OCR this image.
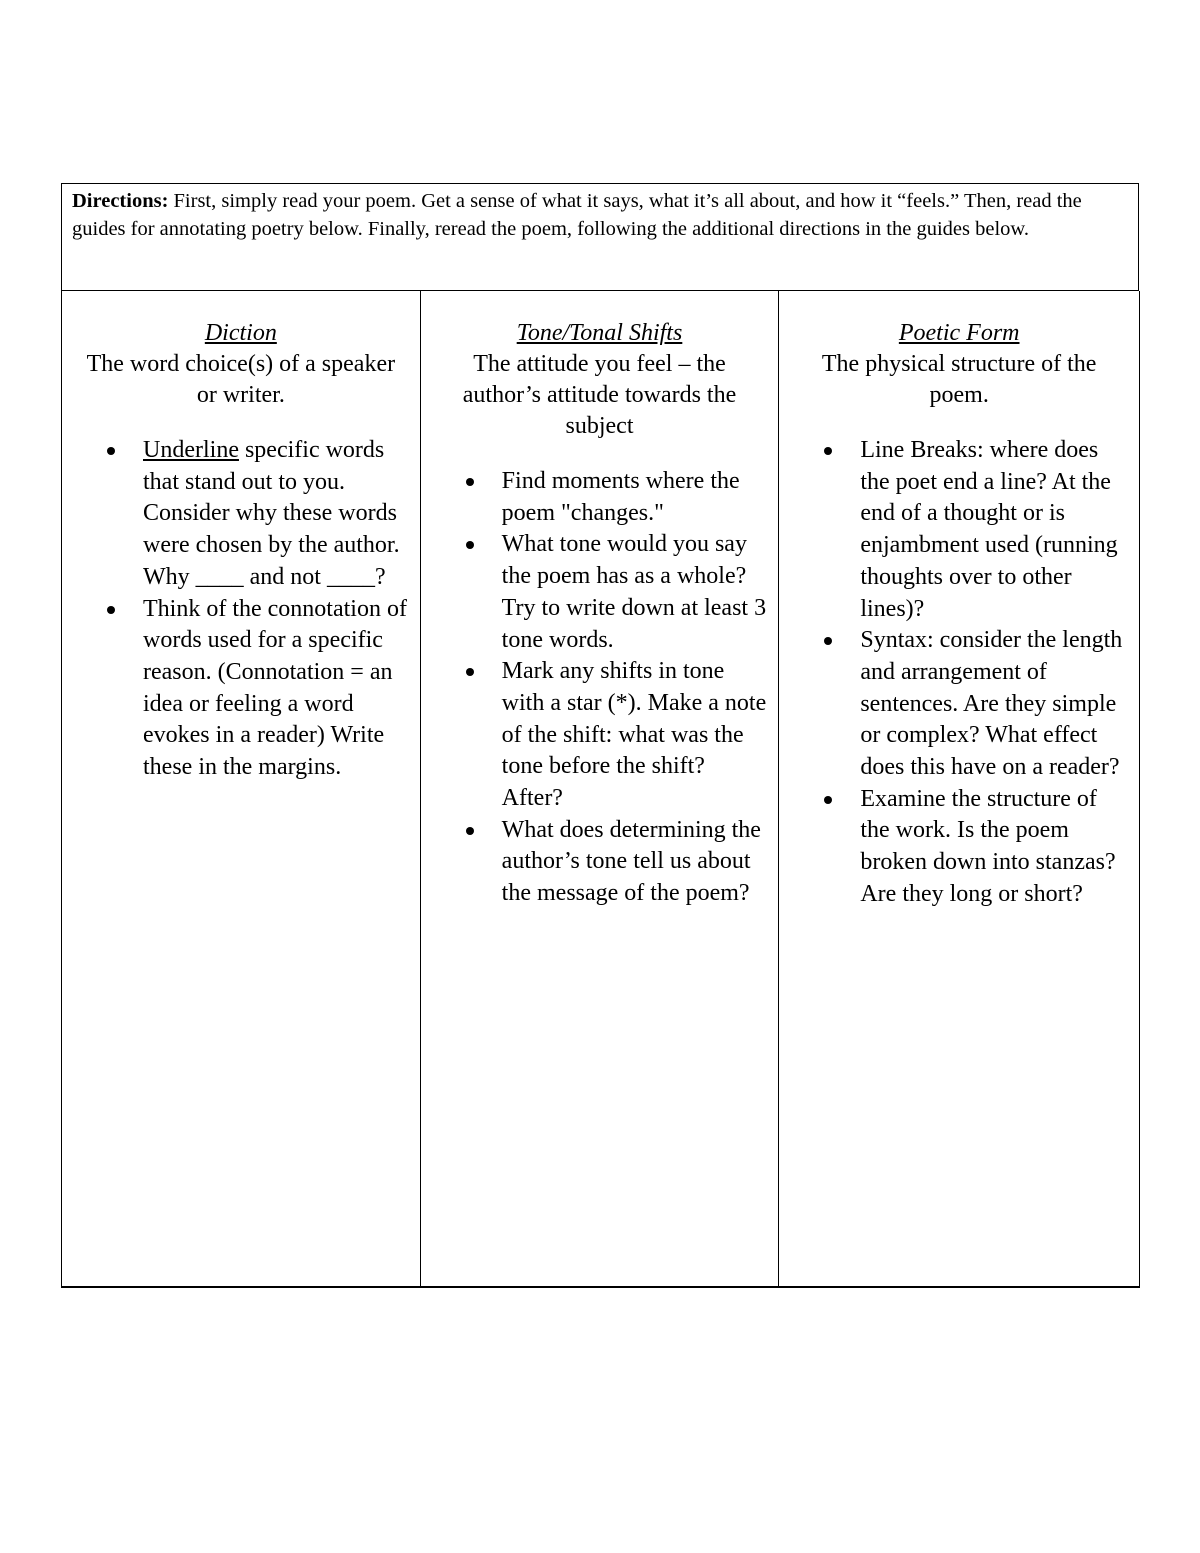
Directions: First, simply read your poem. Get a sense of what it says, what it’s all about, and how it “feels.” Then, read the guides for annotating poetry below. Finally, reread the poem, following the additional directions in the guides below.
Diction
The word choice(s) of a speaker or writer.
Underline specific words that stand out to you. Consider why these words were chosen by the author. Why ____ and not ____?
Think of the connotation of words used for a specific reason. (Connotation = an idea or feeling a word evokes in a reader) Write these in the margins.
Tone/Tonal Shifts
The attitude you feel – the author’s attitude towards the subject
Find moments where the poem "changes."
What tone would you say the poem has as a whole? Try to write down at least 3 tone words.
Mark any shifts in tone with a star (*). Make a note of the shift: what was the tone before the shift? After?
What does determining the author’s tone tell us about the message of the poem?
Poetic Form
The physical structure of the poem.
Line Breaks: where does the poet end a line? At the end of a thought or is enjambment used (running thoughts over to other lines)?
Syntax: consider the length and arrangement of sentences. Are they simple or complex? What effect does this have on a reader?
Examine the structure of the work. Is the poem broken down into stanzas? Are they long or short?
